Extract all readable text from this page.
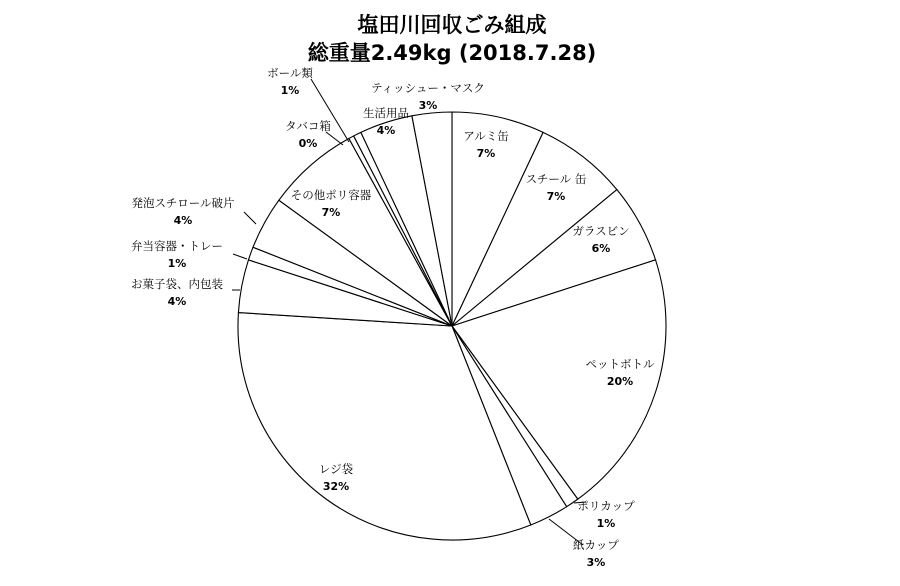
塩田川回収ごみ組成
総重量2.49kg (2018.7.28)
アルミ缶
7%
スチール 缶
7%
ガラスビン
6%
ペットボトル
20%
ポリカップ
1%
紙カップ
3%
レジ袋
32%
お菓子袋、内包装
4%
弁当容器・トレー
1%
発泡スチロール破片
4%
その他ポリ容器
7%
タバコ箱
0%
ボール類
1%
生活用品
4%
ティッシュー・マスク
3%
